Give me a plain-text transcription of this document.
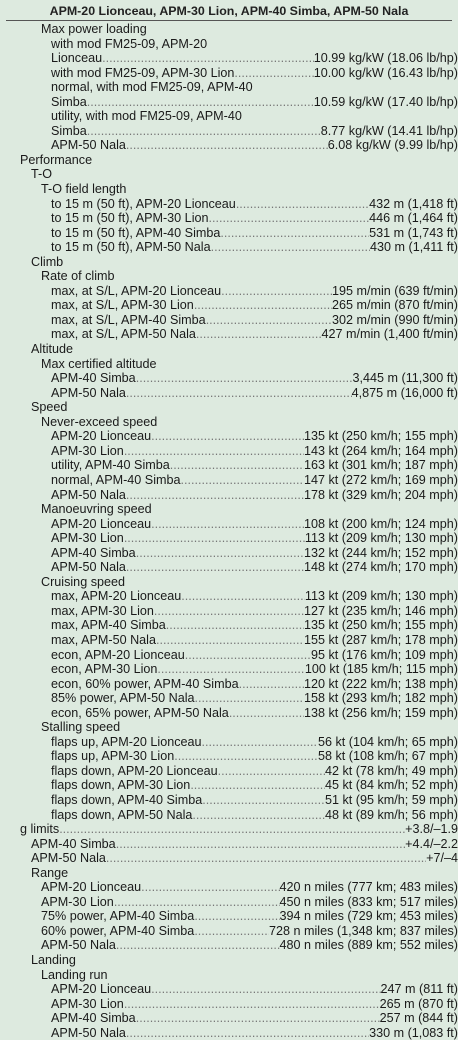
APM-20 Lionceau, APM-30 Lion, APM-40 Simba, APM-50 Nala
Max power loading
with mod FM25-09, APM-20
Lionceau .....	10.99 kg/kW (18.06 lb/hp)
with mod FM25-09, APM-30 Lion .....	10.00 kg/kW (16.43 lb/hp)
normal, with mod FM25-09, APM-40
Simba .....	10.59 kg/kW (17.40 lb/hp)
utility, with mod FM25-09, APM-40
Simba .....	8.77 kg/kW (14.41 lb/hp)
APM-50 Nala .....	6.08 kg/kW (9.99 lb/hp)
Performance
T-O
T-O field length
to 15 m (50 ft), APM-20 Lionceau .....	432 m (1,418 ft)
to 15 m (50 ft), APM-30 Lion .....	446 m (1,464 ft)
to 15 m (50 ft), APM-40 Simba .....	531 m (1,743 ft)
to 15 m (50 ft), APM-50 Nala .....	430 m (1,411 ft)
Climb
Rate of climb
max, at S/L, APM-20 Lionceau .....	195 m/min (639 ft/min)
max, at S/L, APM-30 Lion .....	265 m/min (870 ft/min)
max, at S/L, APM-40 Simba .....	302 m/min (990 ft/min)
max, at S/L, APM-50 Nala .....	427 m/min (1,400 ft/min)
Altitude
Max certified altitude
APM-40 Simba .....	3,445 m (11,300 ft)
APM-50 Nala .....	4,875 m (16,000 ft)
Speed
Never-exceed speed
APM-20 Lionceau .....	135 kt (250 km/h; 155 mph)
APM-30 Lion .....	143 kt (264 km/h; 164 mph)
utility, APM-40 Simba .....	163 kt (301 km/h; 187 mph)
normal, APM-40 Simba .....	147 kt (272 km/h; 169 mph)
APM-50 Nala .....	178 kt (329 km/h; 204 mph)
Manoeuvring speed
APM-20 Lionceau .....	108 kt (200 km/h; 124 mph)
APM-30 Lion .....	113 kt (209 km/h; 130 mph)
APM-40 Simba .....	132 kt (244 km/h; 152 mph)
APM-50 Nala .....	148 kt (274 km/h; 170 mph)
Cruising speed
max, APM-20 Lionceau .....	113 kt (209 km/h; 130 mph)
max, APM-30 Lion .....	127 kt (235 km/h; 146 mph)
max, APM-40 Simba .....	135 kt (250 km/h; 155 mph)
max, APM-50 Nala .....	155 kt (287 km/h; 178 mph)
econ, APM-20 Lionceau .....	95 kt (176 km/h; 109 mph)
econ, APM-30 Lion .....	100 kt (185 km/h; 115 mph)
econ, 60% power, APM-40 Simba .....	120 kt (222 km/h; 138 mph)
85% power, APM-50 Nala .....	158 kt (293 km/h; 182 mph)
econ, 65% power, APM-50 Nala .....	138 kt (256 km/h; 159 mph)
Stalling speed
flaps up, APM-20 Lionceau .....	56 kt (104 km/h; 65 mph)
flaps up, APM-30 Lion .....	58 kt (108 km/h; 67 mph)
flaps down, APM-20 Lionceau .....	42 kt (78 km/h; 49 mph)
flaps down, APM-30 Lion .....	45 kt (84 km/h; 52 mph)
flaps down, APM-40 Simba .....	51 kt (95 km/h; 59 mph)
flaps down, APM-50 Nala .....	48 kt (89 km/h; 56 mph)
g limits .....	+3.8/–1.9
APM-40 Simba .....	+4.4/–2.2
APM-50 Nala .....	+7/–4
Range
APM-20 Lionceau .....	420 n miles (777 km; 483 miles)
APM-30 Lion .....	450 n miles (833 km; 517 miles)
75% power, APM-40 Simba .....	394 n miles (729 km; 453 miles)
60% power, APM-40 Simba .....	728 n miles (1,348 km; 837 miles)
APM-50 Nala .....	480 n miles (889 km; 552 miles)
Landing
Landing run
APM-20 Lionceau .....	247 m (811 ft)
APM-30 Lion .....	265 m (870 ft)
APM-40 Simba .....	257 m (844 ft)
APM-50 Nala .....	330 m (1,083 ft)
